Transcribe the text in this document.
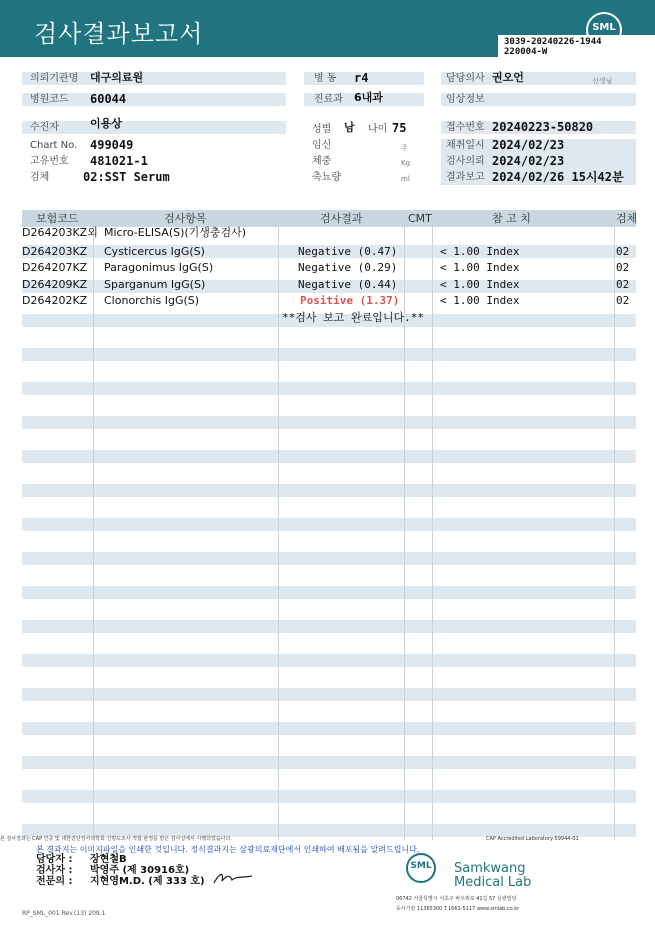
검사결과보고서	SML
3039-20240226-1944
220004-W
의뢰기관명 대구의료원
병원코드 60044
병 동 r4
진료과 6내과
담당의사 권오언	선생님
임상정보
수진자	이용상
Chart No. 499049
고유번호 481021-1
검체	02:SST Serum
성별 남 나이 75
임신	주
체중	Kg
축뇨량	ml
접수번호 20240223-50820
채취일시 2024/02/23
검사의뢰 2024/02/23
결과보고 2024/02/26 15시42분
보험코드	검사항목	검사결과	CMT	참 고 치	검체
D264203KZ외 Micro-ELISA(S)(기생충검사)
D264203KZ Cysticercus IgG(S)	Negative (0.47)	< 1.00 Index	02
D264207KZ Paragonimus IgG(S)	Negative (0.29)	< 1.00 Index	02
D264209KZ Sparganum IgG(S)	Negative (0.44)	< 1.00 Index	02
D264202KZ Clonorchis IgG(S)	Positive (1.37)	< 1.00 Index	02
**검사 보고 완료입니다.**
본 검사결과는 CAP 인증 및 대한진단검사의학회 신빙도조사 적합 판정을 받은 검사실에서 시행되었습니다.	CAP Accredited Laboratory 59944-01
본 결과지는 이미지파일을 인쇄한 것입니다. 정식결과지는 삼광의료재단에서 인쇄하여 배포됨을 알려드립니다.
담당자 : 장현철B
검사자 : 박영주 (제 30916호)
전문의 : 지현영M.D. (제 333 호)
SML Samkwang
Medical Lab
06742 서울특별시 서초구 바우뫼로 41길 57 삼광빌딩
등사기관 11365300 T.1661-5117 www.smlab.co.kr
RP_SML_001 Rev.(13) 209.1
